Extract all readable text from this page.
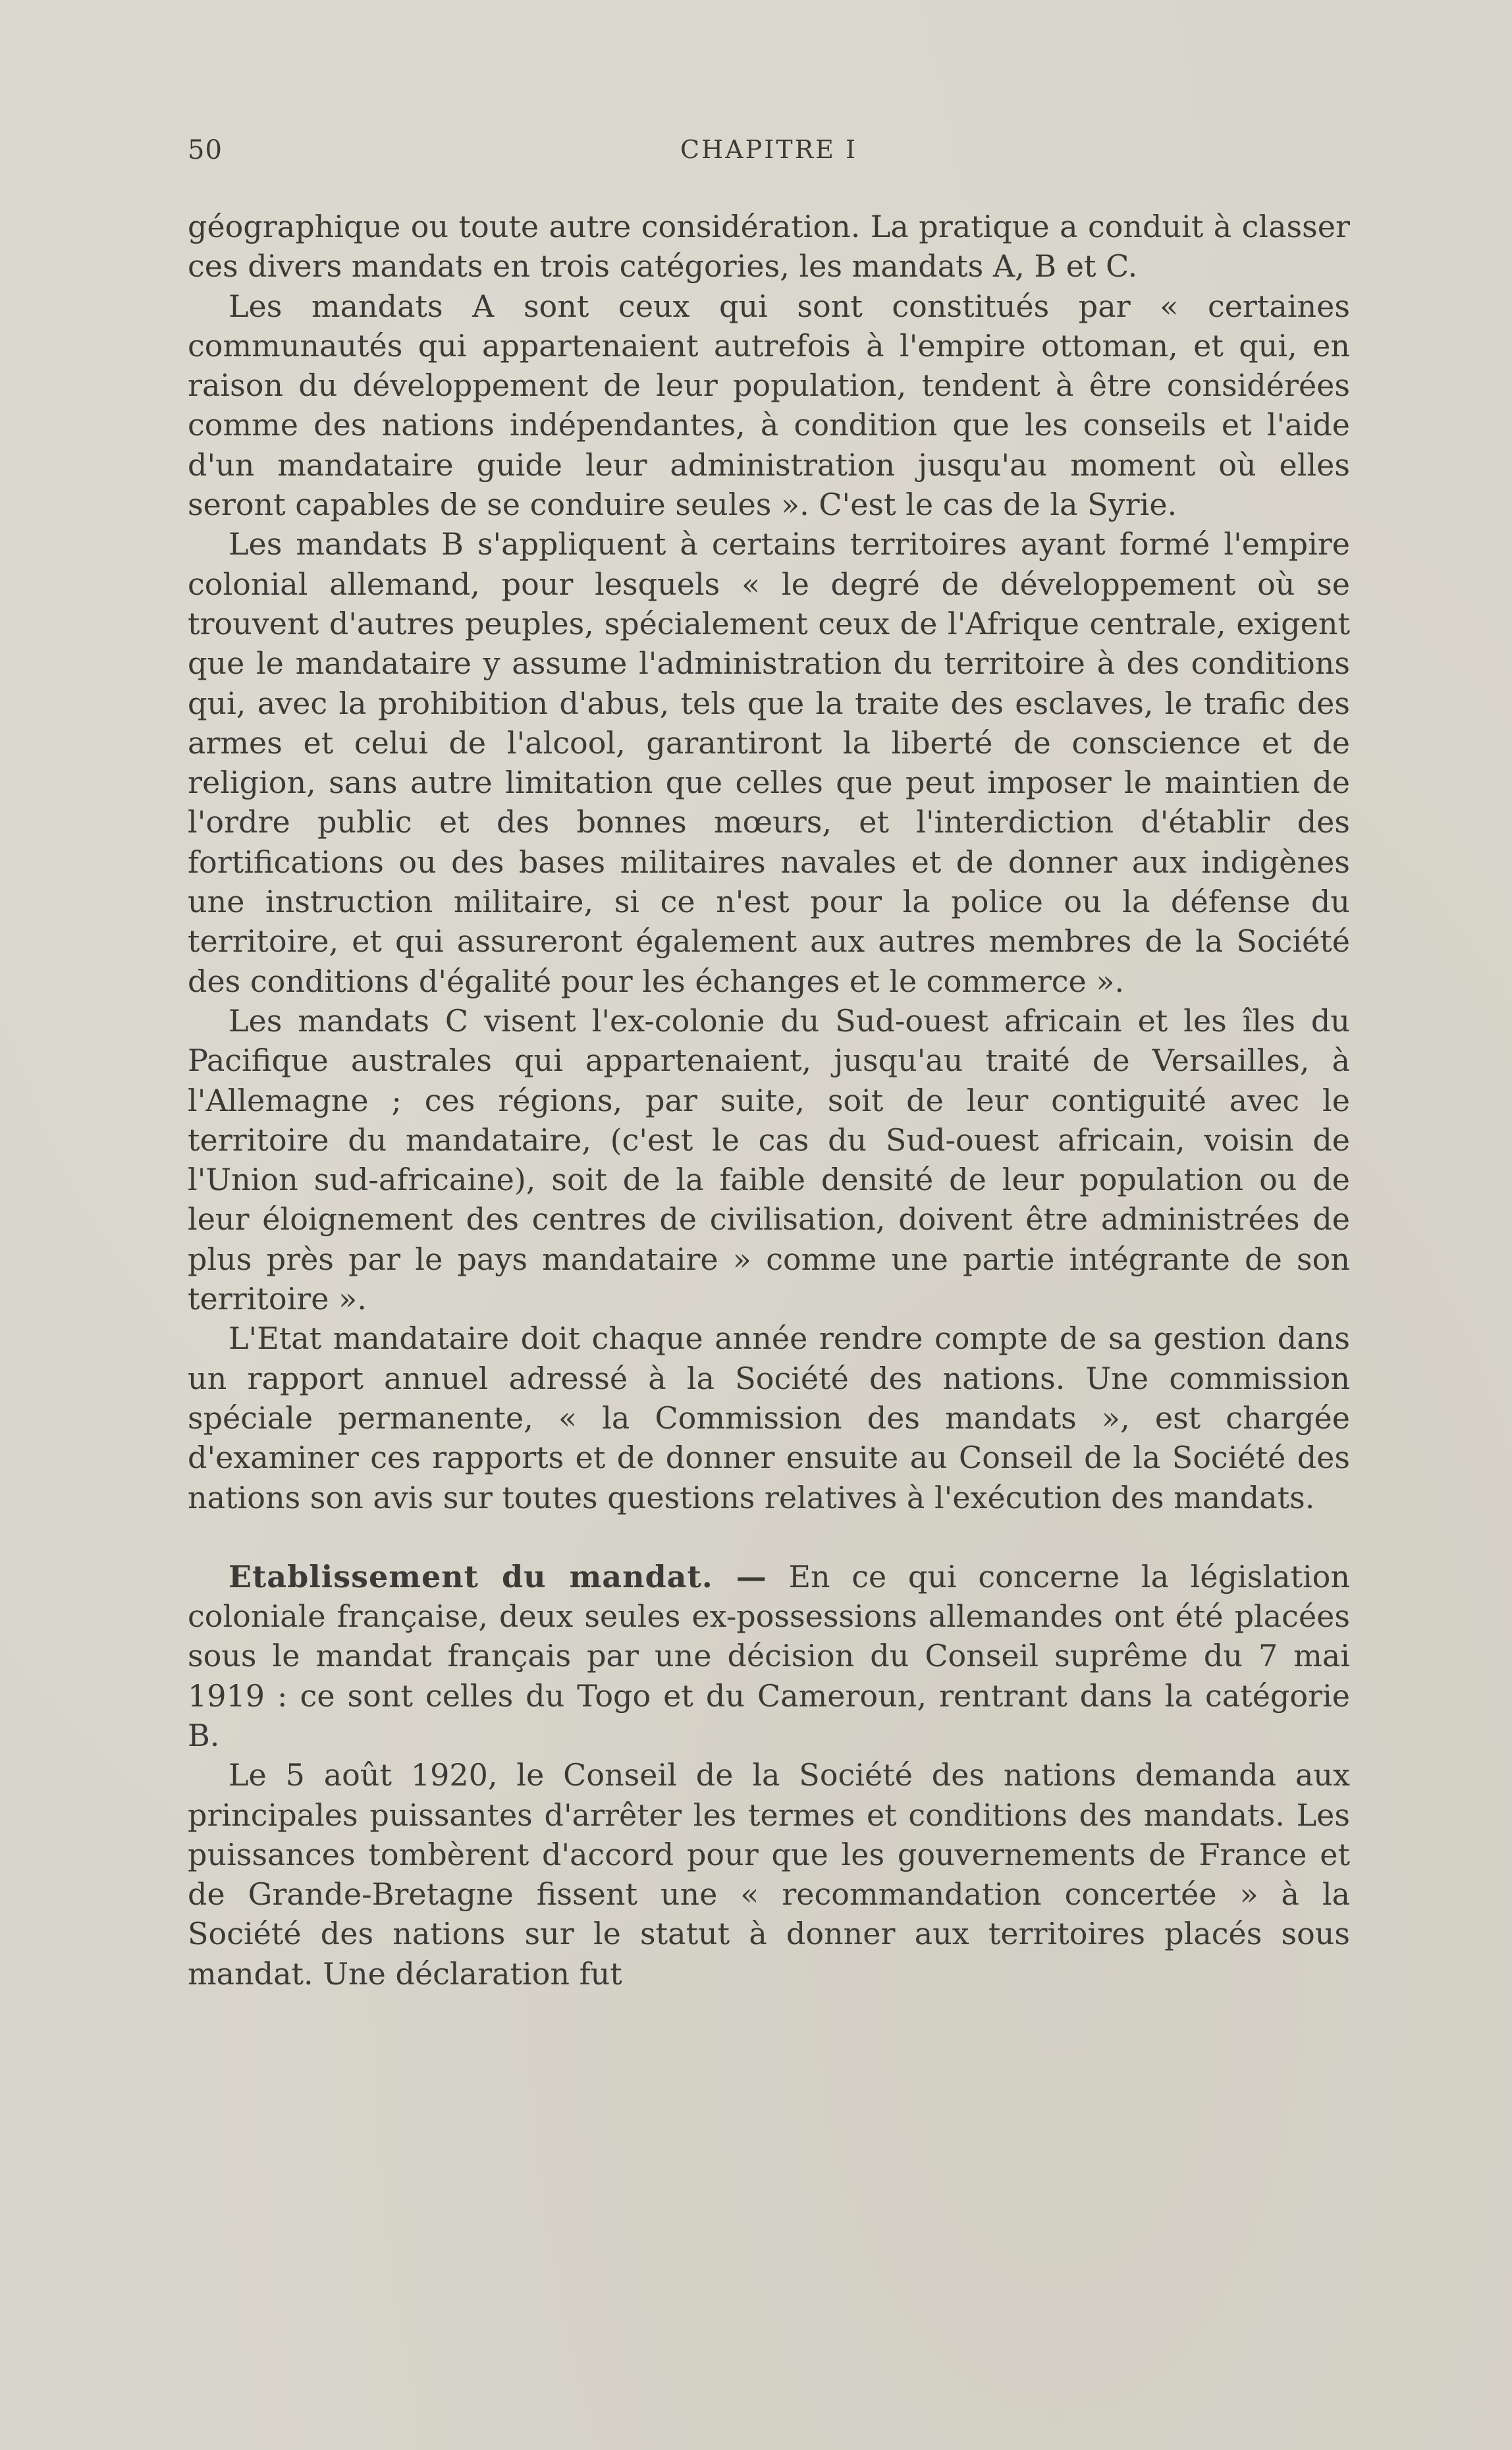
50	CHAPITRE I

géographique ou toute autre considération. La pratique a conduit à classer ces divers mandats en trois catégories, les mandats A, B et C.

Les mandats A sont ceux qui sont constitués par « certaines communautés qui appartenaient autrefois à l'empire ottoman, et qui, en raison du développement de leur population, tendent à être considérées comme des nations indépendantes, à condition que les conseils et l'aide d'un mandataire guide leur administration jusqu'au moment où elles seront capables de se conduire seules ». C'est le cas de la Syrie.

Les mandats B s'appliquent à certains territoires ayant formé l'empire colonial allemand, pour lesquels « le degré de développement où se trouvent d'autres peuples, spécialement ceux de l'Afrique centrale, exigent que le mandataire y assume l'administration du territoire à des conditions qui, avec la prohibition d'abus, tels que la traite des esclaves, le trafic des armes et celui de l'alcool, garantiront la liberté de conscience et de religion, sans autre limitation que celles que peut imposer le maintien de l'ordre public et des bonnes mœurs, et l'interdiction d'établir des fortifications ou des bases militaires navales et de donner aux indigènes une instruction militaire, si ce n'est pour la police ou la défense du territoire, et qui assureront également aux autres membres de la Société des conditions d'égalité pour les échanges et le commerce ».

Les mandats C visent l'ex-colonie du Sud-ouest africain et les îles du Pacifique australes qui appartenaient, jusqu'au traité de Versailles, à l'Allemagne ; ces régions, par suite, soit de leur contiguité avec le territoire du mandataire, (c'est le cas du Sud-ouest africain, voisin de l'Union sud-africaine), soit de la faible densité de leur population ou de leur éloignement des centres de civilisation, doivent être administrées de plus près par le pays mandataire » comme une partie intégrante de son territoire ».

L'Etat mandataire doit chaque année rendre compte de sa gestion dans un rapport annuel adressé à la Société des nations. Une commission spéciale permanente, « la Commission des mandats », est chargée d'examiner ces rapports et de donner ensuite au Conseil de la Société des nations son avis sur toutes questions relatives à l'exécution des mandats.

Etablissement du mandat. — En ce qui concerne la législation coloniale française, deux seules ex-possessions allemandes ont été placées sous le mandat français par une décision du Conseil suprême du 7 mai 1919 : ce sont celles du Togo et du Cameroun, rentrant dans la catégorie B.

Le 5 août 1920, le Conseil de la Société des nations demanda aux principales puissantes d'arrêter les termes et conditions des mandats. Les puissances tombèrent d'accord pour que les gouvernements de France et de Grande-Bretagne fissent une « recommandation concertée » à la Société des nations sur le statut à donner aux territoires placés sous mandat. Une déclaration fut
